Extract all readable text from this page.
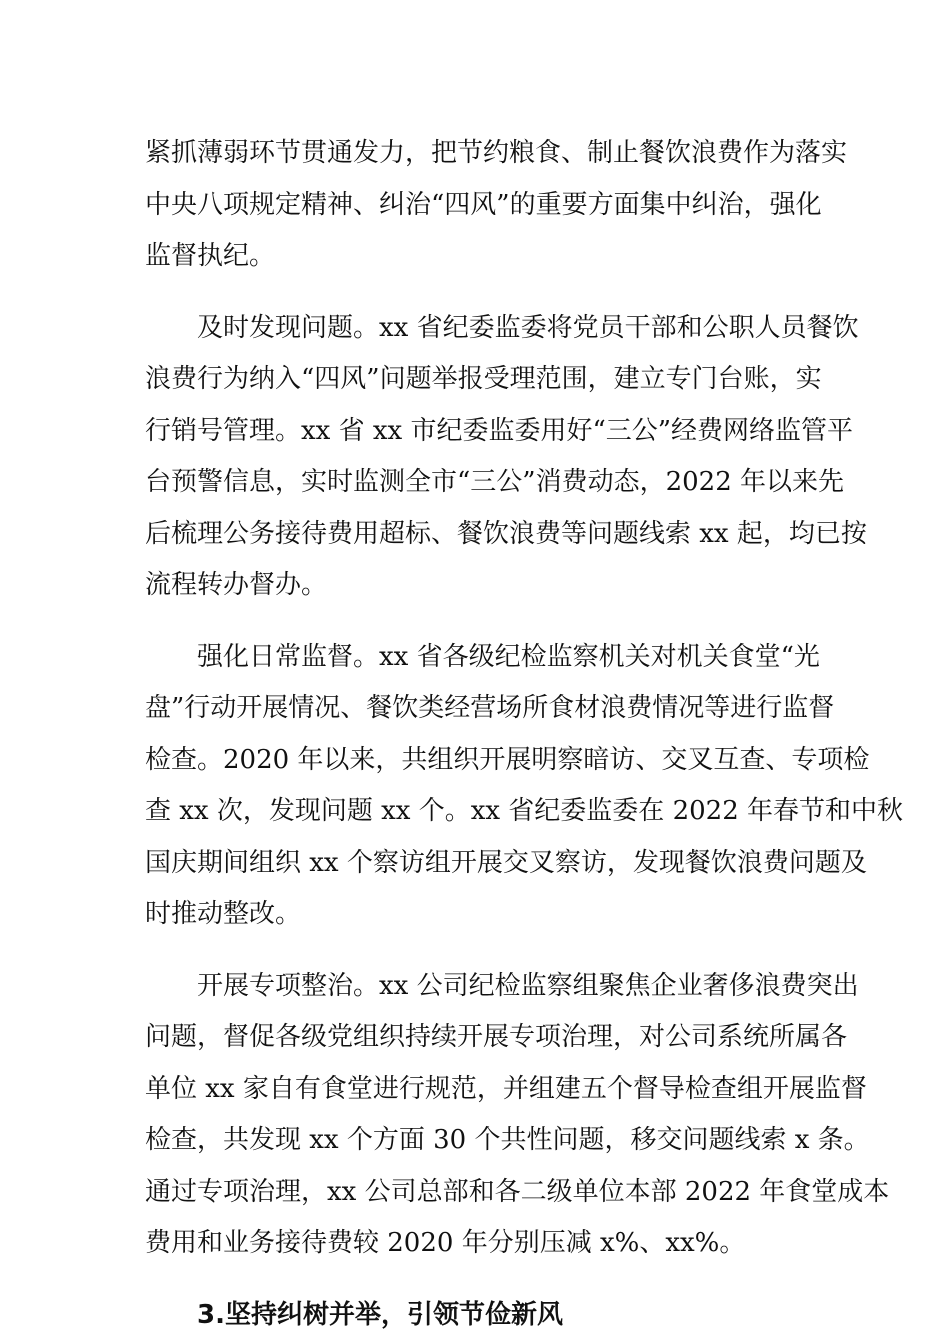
紧抓薄弱环节贯通发力，把节约粮食、制止餐饮浪费作为落实
中央八项规定精神、纠治“四风”的重要方面集中纠治，强化
监督执纪。

及时发现问题。xx 省纪委监委将党员干部和公职人员餐饮
浪费行为纳入“四风”问题举报受理范围，建立专门台账，实
行销号管理。xx 省 xx 市纪委监委用好“三公”经费网络监管平
台预警信息，实时监测全市“三公”消费动态，2022 年以来先
后梳理公务接待费用超标、餐饮浪费等问题线索 xx 起，均已按
流程转办督办。

强化日常监督。xx 省各级纪检监察机关对机关食堂“光
盘”行动开展情况、餐饮类经营场所食材浪费情况等进行监督
检查。2020 年以来，共组织开展明察暗访、交叉互查、专项检
查 xx 次，发现问题 xx 个。xx 省纪委监委在 2022 年春节和中秋
国庆期间组织 xx 个察访组开展交叉察访，发现餐饮浪费问题及
时推动整改。

开展专项整治。xx 公司纪检监察组聚焦企业奢侈浪费突出
问题，督促各级党组织持续开展专项治理，对公司系统所属各
单位 xx 家自有食堂进行规范，并组建五个督导检查组开展监督
检查，共发现 xx 个方面 30 个共性问题，移交问题线索 x 条。
通过专项治理，xx 公司总部和各二级单位本部 2022 年食堂成本
费用和业务接待费较 2020 年分别压减 x%、xx%。

3.坚持纠树并举，引领节俭新风
